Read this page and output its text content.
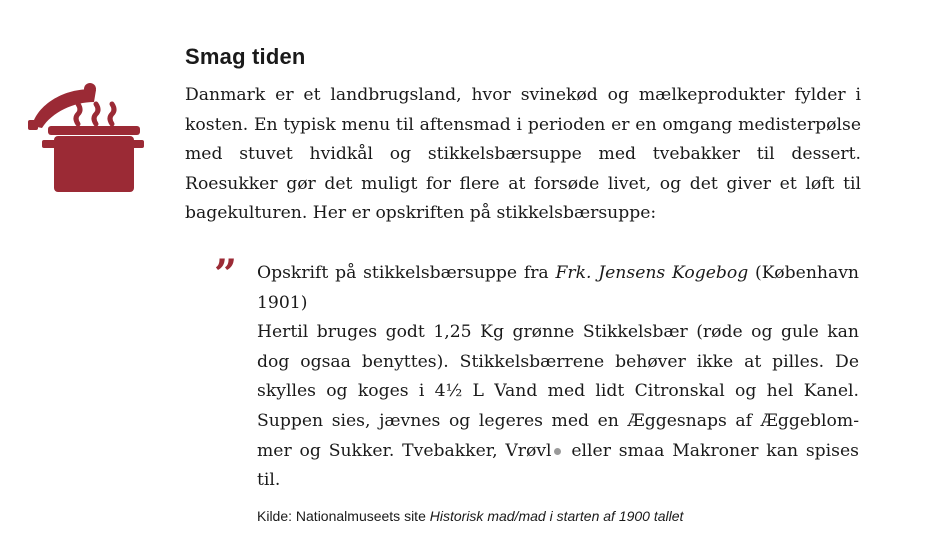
Smag tiden

Danmark er et landbrugsland, hvor svinekød og mælkeprodukter fylder i kosten. En typisk menu til aftensmad i perioden er en omgang medisterpølse med stuvet hvidkål og stikkelsbærsuppe med tvebakker til dessert. Roesukker gør det muligt for flere at forsøde livet, og det giver et løft til bagekulturen. Her er opskriften på stikkelsbærsuppe:

” Opskrift på stikkelsbærsuppe fra Frk. Jensens Kogebog (København 1901)
Hertil bruges godt 1,25 Kg grønne Stikkelsbær (røde og gule kan dog ogsaa benyttes). Stikkelsbærrene behøver ikke at pilles. De skylles og koges i 4½ L Vand med lidt Citronskal og hel Kanel. Suppen sies, jævnes og legeres med en Æggesnaps af Æggeblommer og Sukker. Tvebakker, Vrøvl eller smaa Makroner kan spises til.

Kilde: Nationalmuseets site Historisk mad/mad i starten af 1900 tallet
